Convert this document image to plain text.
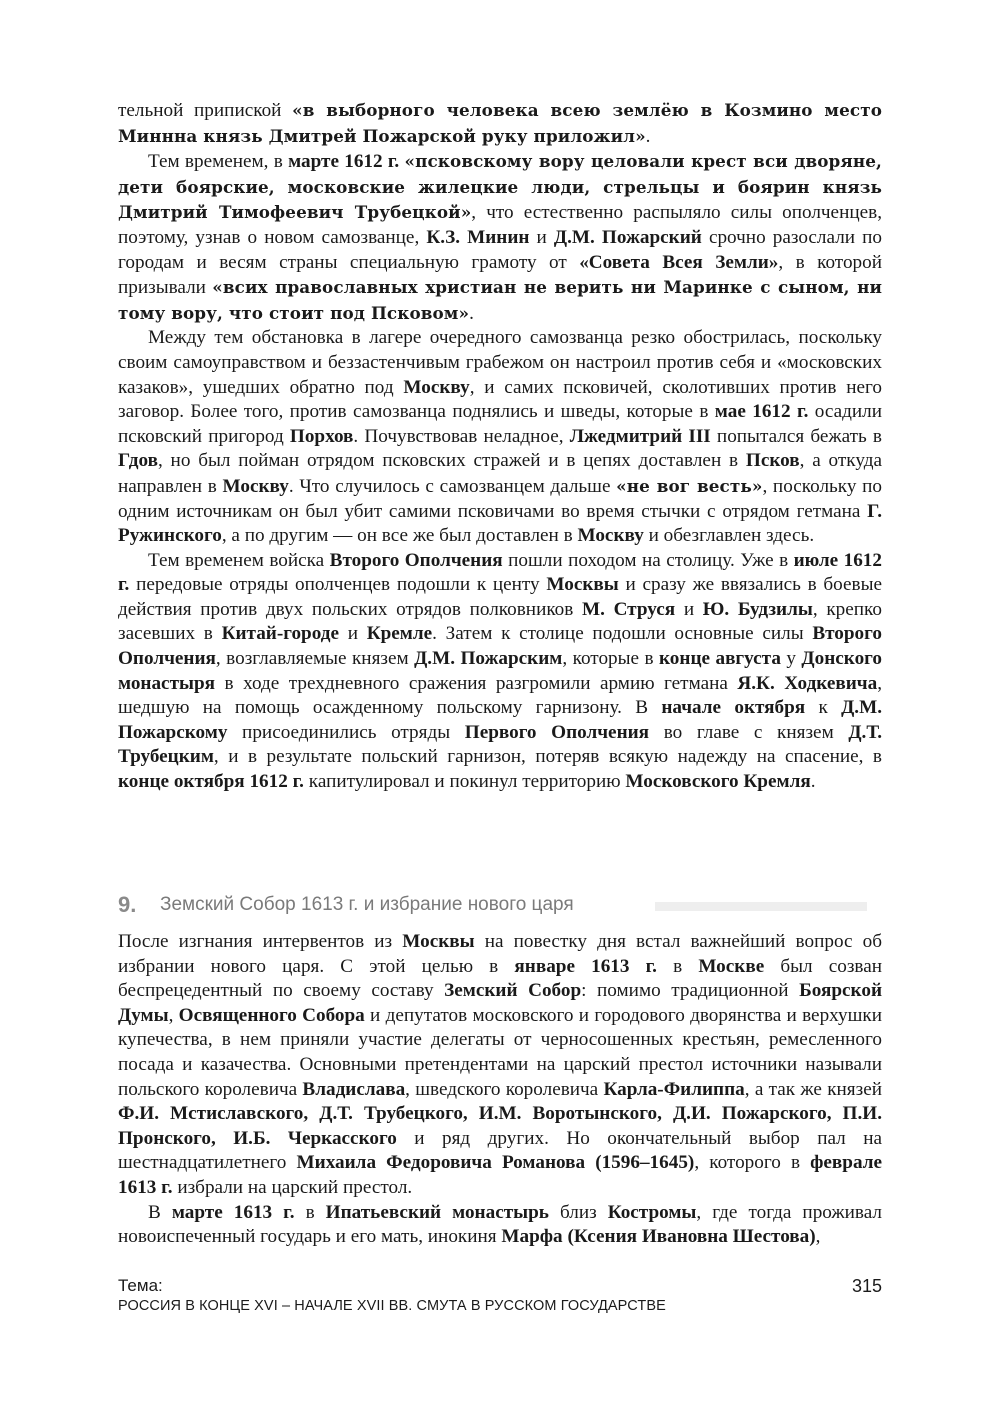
тельной припиской «в выборного человека всею землёю в Козмино место Миннна князь Дмитрей Пожарской руку приложил».

Тем временем, в марте 1612 г. «псковскому вору целовали крест вси дворяне, дети боярские, московские жилецкие люди, стрельцы и боярин князь Дмитрий Тимофеевич Трубецкой», что естественно распыляло силы ополченцев, поэтому, узнав о новом самозванце, К.З. Минин и Д.М. Пожарский срочно разослали по городам и весям страны специальную грамоту от «Совета Всея Земли», в которой призывали «всих православных христиан не верить ни Маринке с сыном, ни тому вору, что стоит под Псковом».

Между тем обстановка в лагере очередного самозванца резко обострилась, поскольку своим самоуправством и беззастенчивым грабежом он настроил против себя и «московских казаков», ушедших обратно под Москву, и самих псковичей, сколотивших против него заговор. Более того, против самозванца поднялись и шведы, которые в мае 1612 г. осадили псковский пригород Порхов. Почувствовав неладное, Лжедмитрий III попытался бежать в Гдов, но был пойман отрядом псковских стражей и в цепях доставлен в Псков, а откуда направлен в Москву. Что случилось с самозванцем дальше «не вог весть», поскольку по одним источникам он был убит самими псковичами во время стычки с отрядом гетмана Г. Ружинского, а по другим — он все же был доставлен в Москву и обезглавлен здесь.

Тем временем войска Второго Ополчения пошли походом на столицу. Уже в июле 1612 г. передовые отряды ополченцев подошли к центу Москвы и сразу же ввязались в боевые действия против двух польских отрядов полковников М. Струся и Ю. Будзилы, крепко засевших в Китай-городе и Кремле. Затем к столице подошли основные силы Второго Ополчения, возглавляемые князем Д.М. Пожарским, которые в конце августа у Донского монастыря в ходе трехдневного сражения разгромили армию гетмана Я.К. Ходкевича, шедшую на помощь осажденному польскому гарнизону. В начале октября к Д.М. Пожарскому присоединились отряды Первого Ополчения во главе с князем Д.Т. Трубецким, и в результате польский гарнизон, потеряв всякую надежду на спасение, в конце октября 1612 г. капитулировал и покинул территорию Московского Кремля.

9. Земский Собор 1613 г. и избрание нового царя

После изгнания интервентов из Москвы на повестку дня встал важнейший вопрос об избрании нового царя. С этой целью в январе 1613 г. в Москве был созван беспрецедентный по своему составу Земский Собор: помимо традиционной Боярской Думы, Освященного Собора и депутатов московского и городового дворянства и верхушки купечества, в нем приняли участие делегаты от черносошенных крестьян, ремесленного посада и казачества. Основными претендентами на царский престол источники называли польского королевича Владислава, шведского королевича Карла-Филиппа, а так же князей Ф.И. Мстиславского, Д.Т. Трубецкого, И.М. Воротынского, Д.И. Пожарского, П.И. Пронского, И.Б. Черкасского и ряд других. Но окончательный выбор пал на шестнадцатилетнего Михаила Федоровича Романова (1596–1645), которого в феврале 1613 г. избрали на царский престол.

В марте 1613 г. в Ипатьевский монастырь близ Костромы, где тогда проживал новоиспеченный государь и его мать, инокиня Марфа (Ксения Ивановна Шестова),

Тема:
РОССИЯ В КОНЦЕ XVI – НАЧАЛЕ XVII ВВ. СМУТА В РУССКОМ ГОСУДАРСТВЕ
315
